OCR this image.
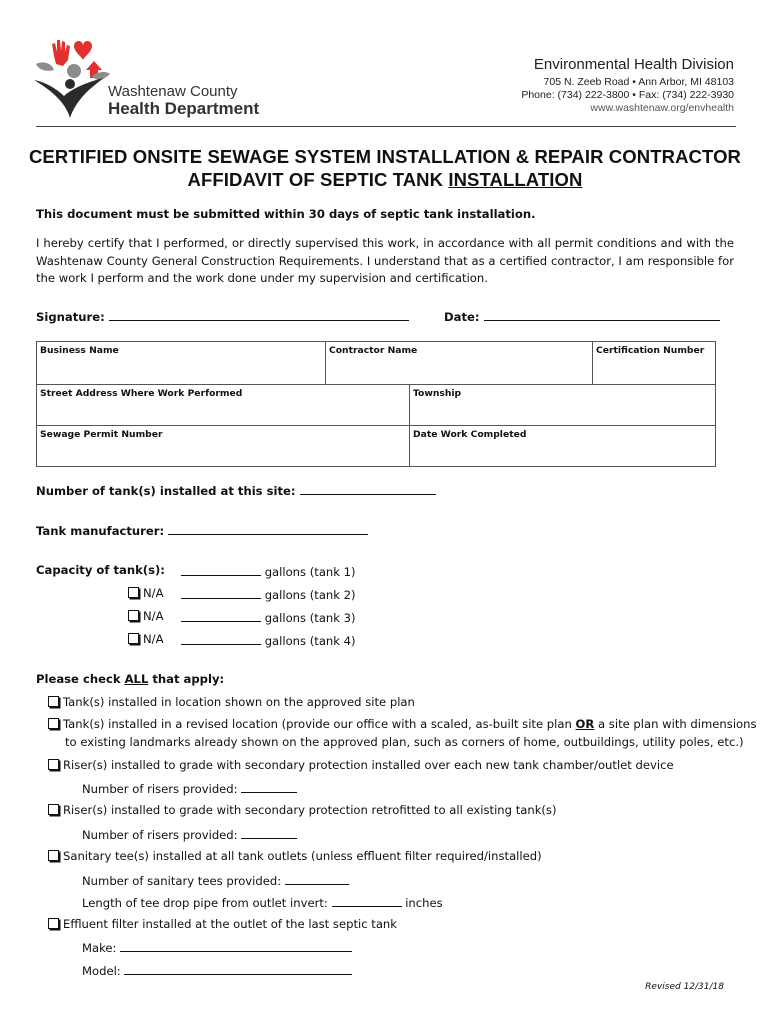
Washtenaw County
Health Department
Environmental Health Division
705 N. Zeeb Road • Ann Arbor, MI 48103
Phone: (734) 222-3800 • Fax: (734) 222-3930
www.washtenaw.org/envhealth
CERTIFIED ONSITE SEWAGE SYSTEM INSTALLATION & REPAIR CONTRACTOR
AFFIDAVIT OF SEPTIC TANK INSTALLATION
This document must be submitted within 30 days of septic tank installation.
I hereby certify that I performed, or directly supervised this work, in accordance with all permit conditions and with the Washtenaw County General Construction Requirements. I understand that as a certified contractor, I am responsible for the work I perform and the work done under my supervision and certification.
Signature:	Date:
Business Name	Contractor Name	Certification Number
Street Address Where Work Performed	Township
Sewage Permit Number	Date Work Completed
Number of tank(s) installed at this site:
Tank manufacturer:
Capacity of tank(s):	gallons (tank 1)
N/A	gallons (tank 2)
N/A	gallons (tank 3)
N/A	gallons (tank 4)
Please check ALL that apply:
Tank(s) installed in location shown on the approved site plan
Tank(s) installed in a revised location (provide our office with a scaled, as-built site plan OR a site plan with dimensions
to existing landmarks already shown on the approved plan, such as corners of home, outbuildings, utility poles, etc.)
Riser(s) installed to grade with secondary protection installed over each new tank chamber/outlet device
Number of risers provided:
Riser(s) installed to grade with secondary protection retrofitted to all existing tank(s)
Number of risers provided:
Sanitary tee(s) installed at all tank outlets (unless effluent filter required/installed)
Number of sanitary tees provided:
Length of tee drop pipe from outlet invert:	inches
Effluent filter installed at the outlet of the last septic tank
Make:
Model:
Revised 12/31/18
